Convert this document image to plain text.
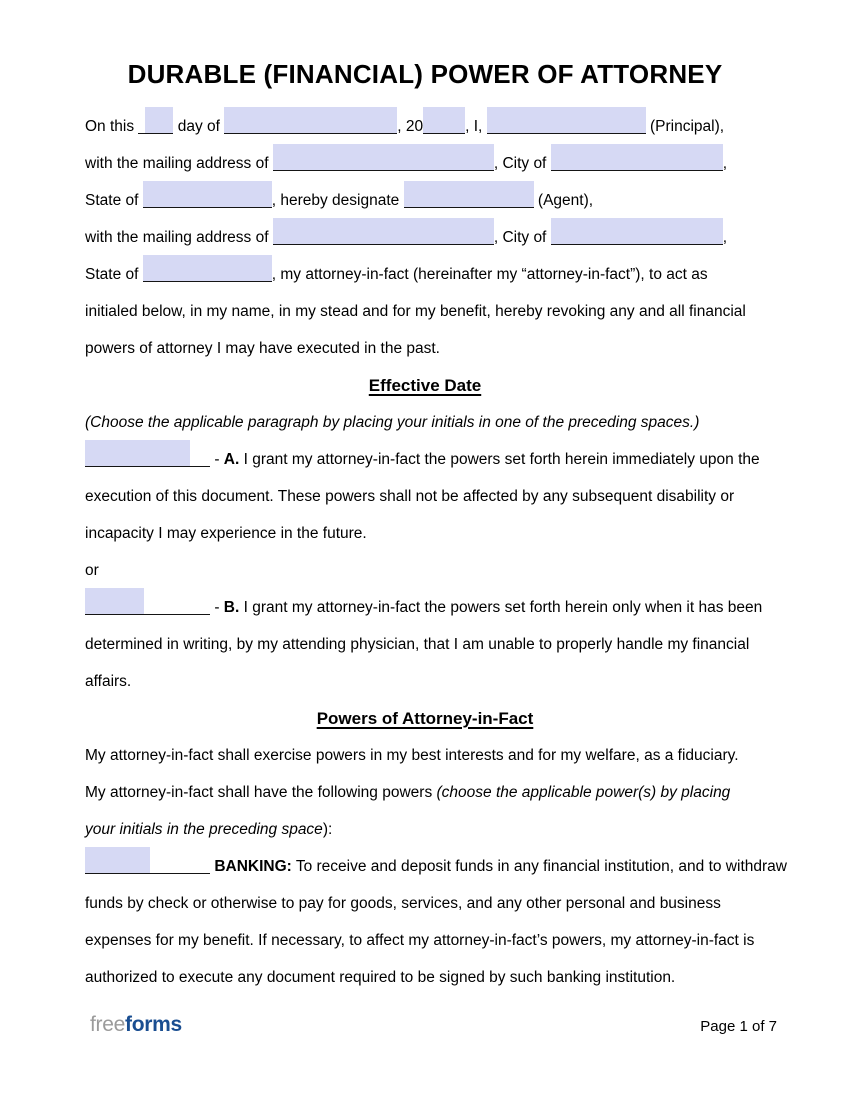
DURABLE (FINANCIAL) POWER OF ATTORNEY
On this	day of	, 20	, I,	(Principal),
with the mailing address of	, City of	,
State of	, hereby designate	(Agent),
with the mailing address of	, City of	,
State of	, my attorney-in-fact (hereinafter my “attorney-in-fact”), to act as
initialed below, in my name, in my stead and for my benefit, hereby revoking any and all financial
powers of attorney I may have executed in the past.
Effective Date
(Choose the applicable paragraph by placing your initials in one of the preceding spaces.)
- A. I grant my attorney-in-fact the powers set forth herein immediately upon the
execution of this document. These powers shall not be affected by any subsequent disability or
incapacity I may experience in the future.
or
- B. I grant my attorney-in-fact the powers set forth herein only when it has been
determined in writing, by my attending physician, that I am unable to properly handle my financial
affairs.
Powers of Attorney-in-Fact
My attorney-in-fact shall exercise powers in my best interests and for my welfare, as a fiduciary.
My attorney-in-fact shall have the following powers (choose the applicable power(s) by placing
your initials in the preceding space):
BANKING: To receive and deposit funds in any financial institution, and to withdraw
funds by check or otherwise to pay for goods, services, and any other personal and business
expenses for my benefit. If necessary, to affect my attorney-in-fact’s powers, my attorney-in-fact is
authorized to execute any document required to be signed by such banking institution.
freeforms	Page 1 of 7
